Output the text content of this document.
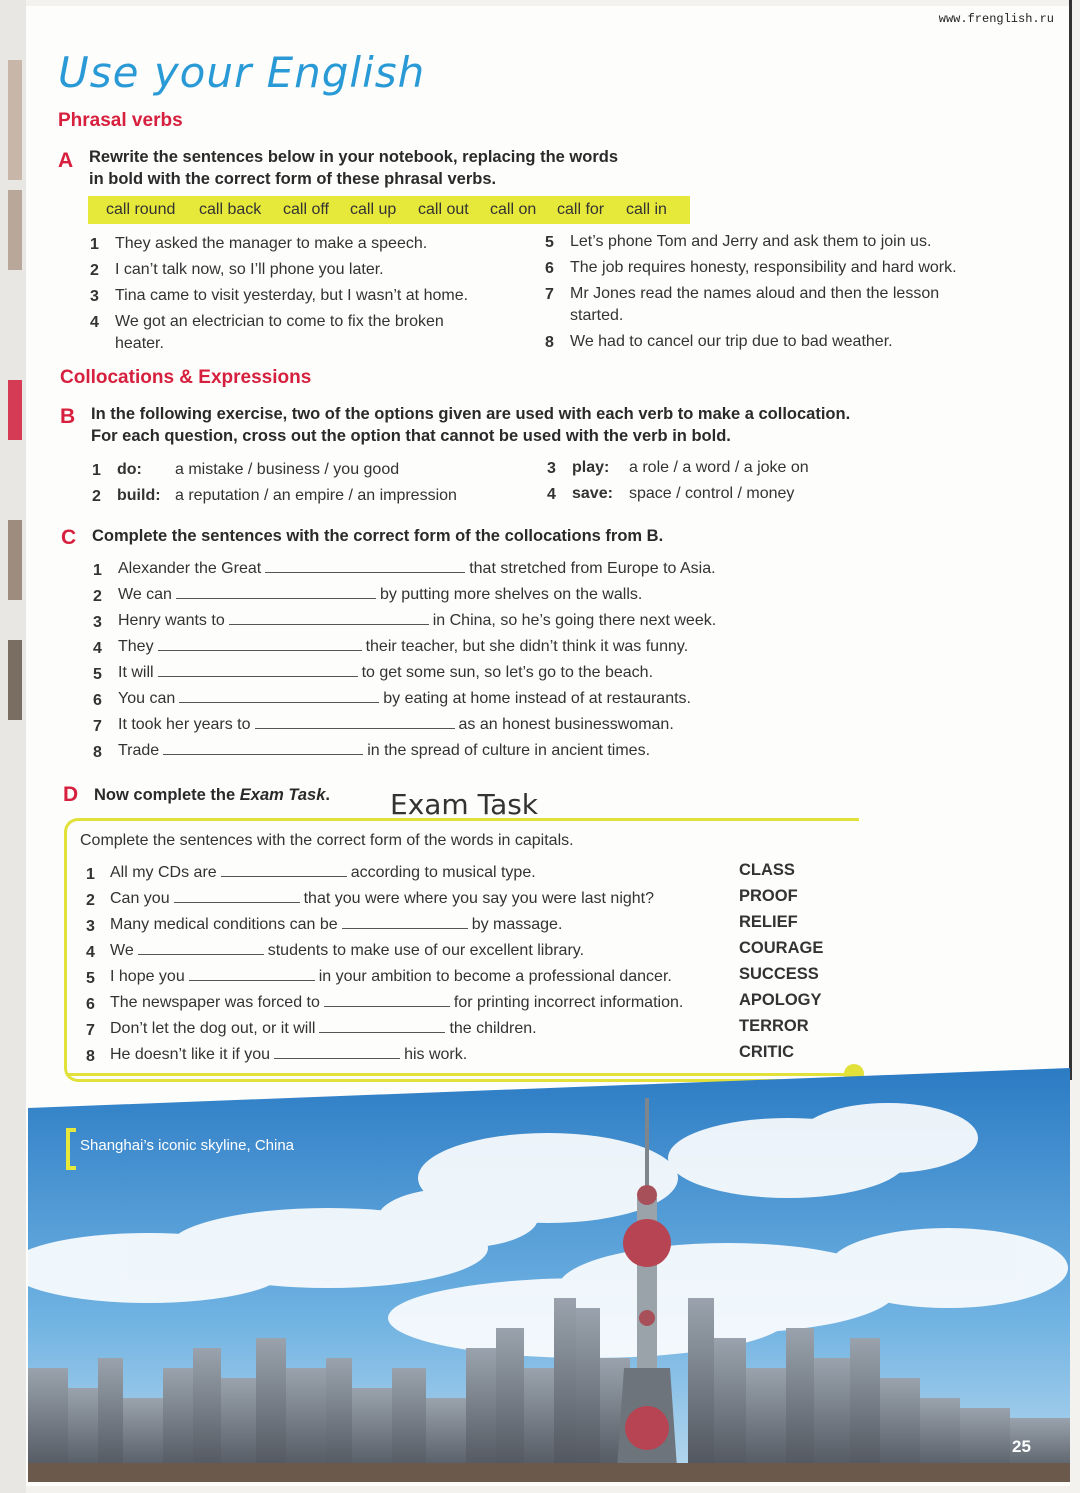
www.frenglish.ru
Use your English
Phrasal verbs
A Rewrite the sentences below in your notebook, replacing the words
in bold with the correct form of these phrasal verbs.
call round call back call off call up call out call on call for call in
1 They asked the manager to make a speech.
2 I can’t talk now, so I’ll phone you later.
3 Tina came to visit yesterday, but I wasn’t at home.
4 We got an electrician to come to fix the broken
heater.
5 Let’s phone Tom and Jerry and ask them to join us.
6 The job requires honesty, responsibility and hard work.
7 Mr Jones read the names aloud and then the lesson
started.
8 We had to cancel our trip due to bad weather.
Collocations & Expressions
B In the following exercise, two of the options given are used with each verb to make a collocation.
For each question, cross out the option that cannot be used with the verb in bold.
1 do: a mistake / business / you good
2 build: a reputation / an empire / an impression
3 play: a role / a word / a joke on
4 save: space / control / money
C Complete the sentences with the correct form of the collocations from B.
1 Alexander the Great	that stretched from Europe to Asia.
2 We can	by putting more shelves on the walls.
3 Henry wants to	in China, so he’s going there next week.
4 They	their teacher, but she didn’t think it was funny.
5 It will	to get some sun, so let’s go to the beach.
6 You can	by eating at home instead of at restaurants.
7 It took her years to	as an honest businesswoman.
8 Trade	in the spread of culture in ancient times.
D Now complete the Exam Task. Exam Task
Complete the sentences with the correct form of the words in capitals.
1 All my CDs are	according to musical type.	CLASS
2 Can you	that you were where you say you were last night?	PROOF
3 Many medical conditions can be	by massage.	RELIEF
4 We	students to make use of our excellent library.	COURAGE
5 I hope you	in your ambition to become a professional dancer.	SUCCESS
6 The newspaper was forced to	for printing incorrect information.	APOLOGY
7 Don’t let the dog out, or it will	the children.	TERROR
8 He doesn’t like it if you	his work.	CRITIC
Shanghai’s iconic skyline, China
25
